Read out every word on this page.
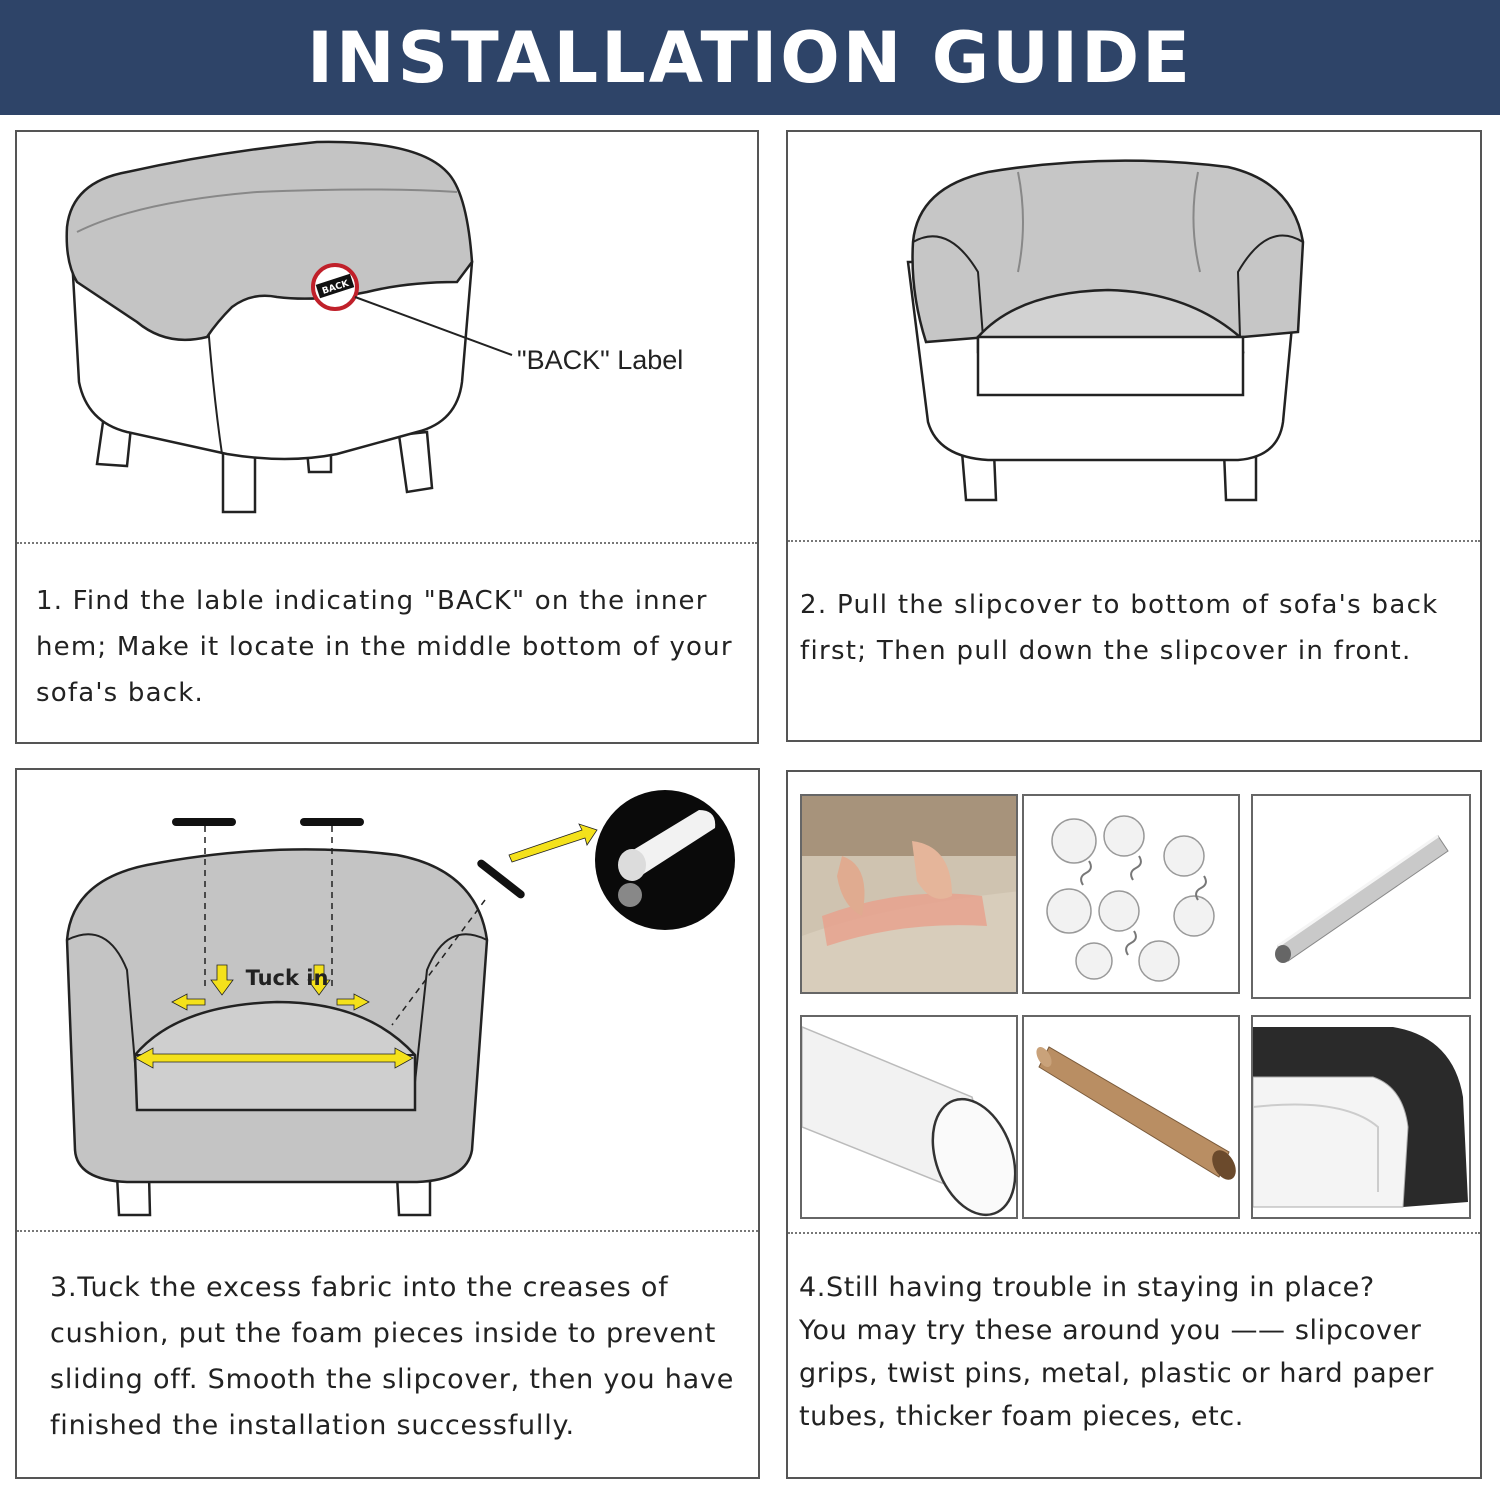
INSTALLATION GUIDE
BACK
"BACK" Label
1. Find the lable indicating "BACK" on the inner
hem; Make it locate in the middle bottom of your
sofa's back.
2. Pull the slipcover to bottom of sofa's back
first; Then pull down the slipcover in front.
Tuck in
3.Tuck the excess fabric into the creases of
cushion, put the foam pieces inside to prevent
sliding off. Smooth the slipcover, then you have
finished the installation successfully.
4.Still having trouble in staying in place?
You may try these around you —— slipcover
grips, twist pins, metal, plastic or hard paper
tubes, thicker foam pieces, etc.
